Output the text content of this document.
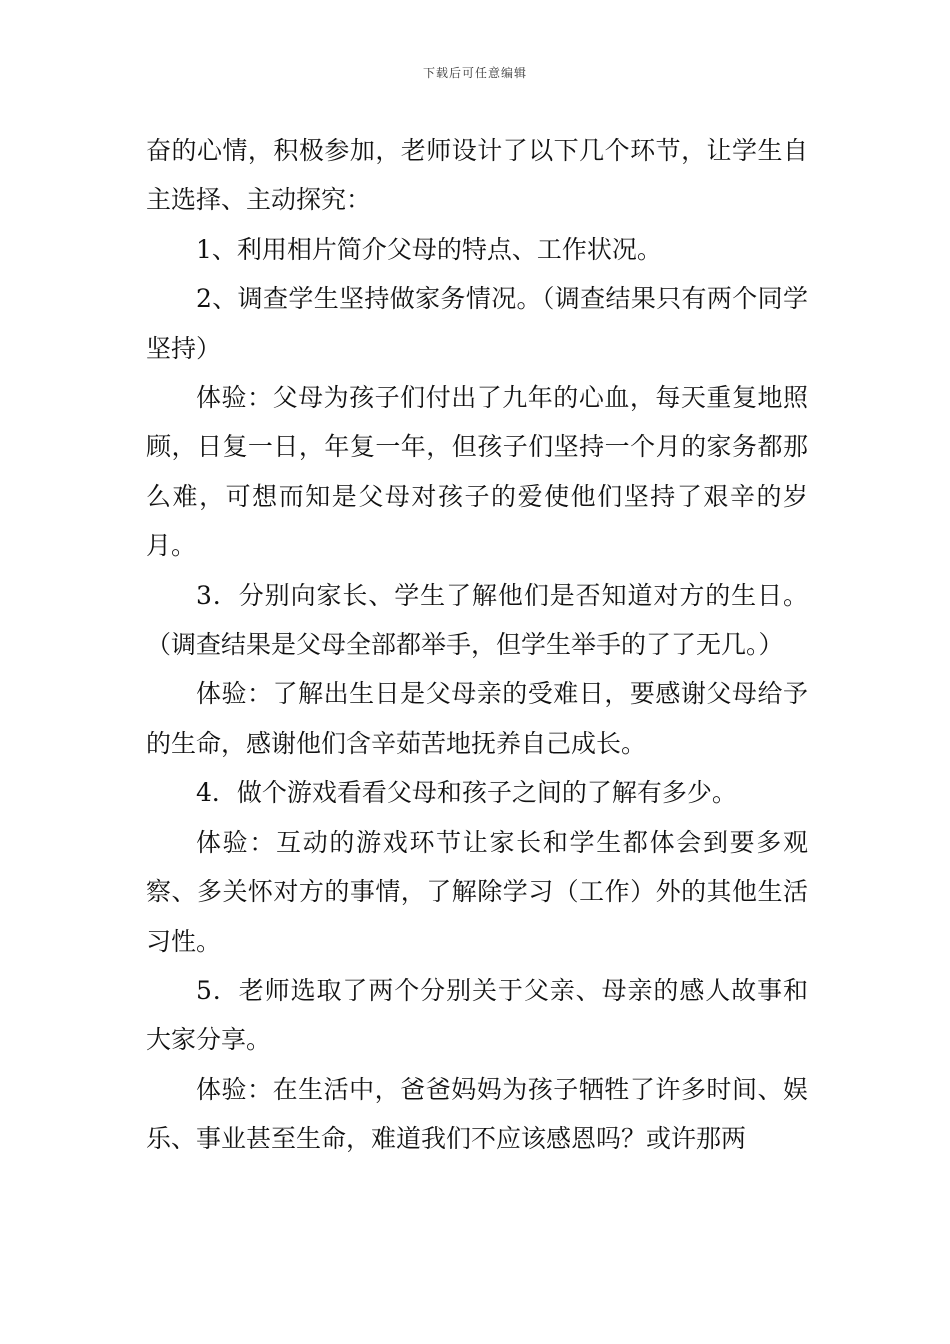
下载后可任意编辑

奋的心情，积极参加，老师设计了以下几个环节，让学生自主选择、主动探究：

1、利用相片简介父母的特点、工作状况。

2、调查学生坚持做家务情况。（调查结果只有两个同学坚持）

体验：父母为孩子们付出了九年的心血，每天重复地照顾，日复一日，年复一年，但孩子们坚持一个月的家务都那么难，可想而知是父母对孩子的爱使他们坚持了艰辛的岁月。

3．分别向家长、学生了解他们是否知道对方的生日。（调查结果是父母全部都举手，但学生举手的了了无几。）

体验：了解出生日是父母亲的受难日，要感谢父母给予的生命，感谢他们含辛茹苦地抚养自己成长。

4．做个游戏看看父母和孩子之间的了解有多少。

体验：互动的游戏环节让家长和学生都体会到要多观察、多关怀对方的事情，了解除学习（工作）外的其他生活习性。

5．老师选取了两个分别关于父亲、母亲的感人故事和大家分享。

体验：在生活中，爸爸妈妈为孩子牺牲了许多时间、娱乐、事业甚至生命，难道我们不应该感恩吗？或许那两
